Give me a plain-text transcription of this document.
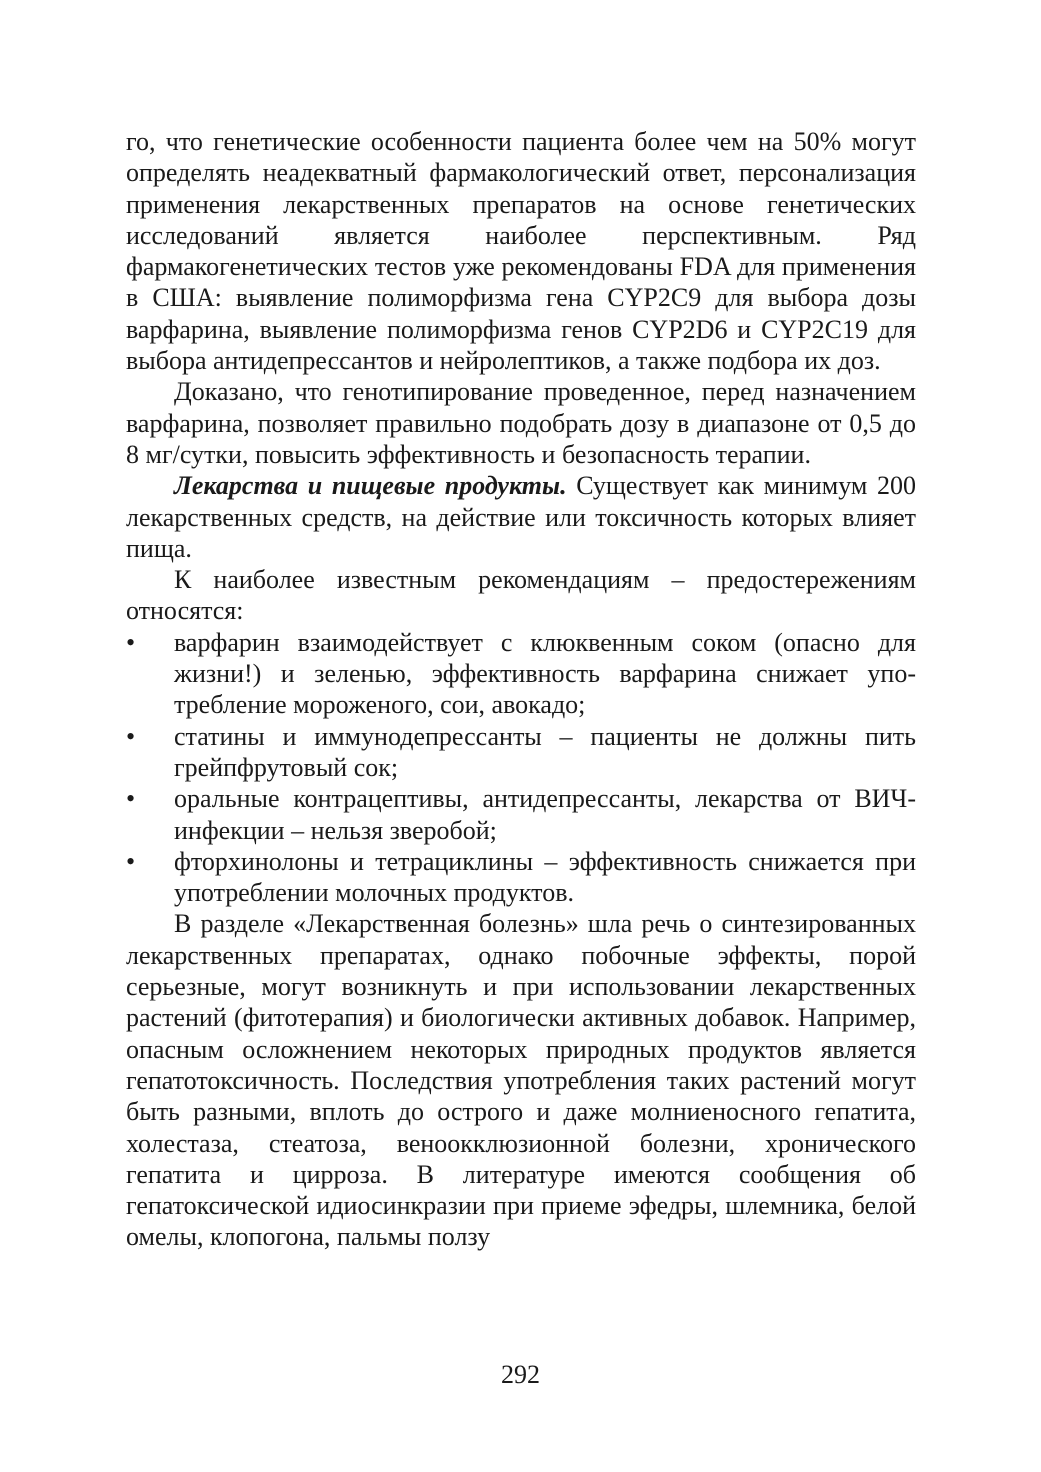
го, что генетические особенности пациента более чем на 50% могут определять неадекватный фармакологический ответ, персонализация применения лекарственных препаратов на основе генетических исследований является наиболее перспективным. Ряд фармакогенетических тестов уже рекомендованы FDA для применения в США: выявление полиморфизма гена CYP2C9 для выбора дозы варфарина, выявление полиморфизма генов CYP2D6 и CYP2C19 для выбора антидепрессантов и нейролептиков, а также подбора их доз.

Доказано, что генотипирование проведенное, перед назначением варфарина, позволяет правильно подобрать дозу в диапазоне от 0,5 до 8 мг/сутки, повысить эффективность и безопасность терапии.

Лекарства и пищевые продукты. Существует как минимум 200 лекарственных средств, на действие или токсичность которых влияет пища.

К наиболее известным рекомендациям – предостережениям относятся:

• варфарин взаимодействует с клюквенным соком (опасно для жизни!) и зеленью, эффективность варфарина снижает употребление мороженого, сои, авокадо;
• статины и иммунодепрессанты – пациенты не должны пить грейпфрутовый сок;
• оральные контрацептивы, антидепрессанты, лекарства от ВИЧ-инфекции – нельзя зверобой;
• фторхинолоны и тетрациклины – эффективность снижается при употреблении молочных продуктов.

В разделе «Лекарственная болезнь» шла речь о синтезированных лекарственных препаратах, однако побочные эффекты, порой серьезные, могут возникнуть и при использовании лекарственных растений (фитотерапия) и биологически активных добавок. Например, опасным осложнением некоторых природных продуктов является гепатотоксичность. Последствия употребления таких растений могут быть разными, вплоть до острого и даже молниеносного гепатита, холестаза, стеатоза, веноокклюзионной болезни, хронического гепатита и цирроза. В литературе имеются сообщения об гепатоксической идиосинкразии при приеме эфедры, шлемника, белой омелы, клопогона, пальмы ползу

292
